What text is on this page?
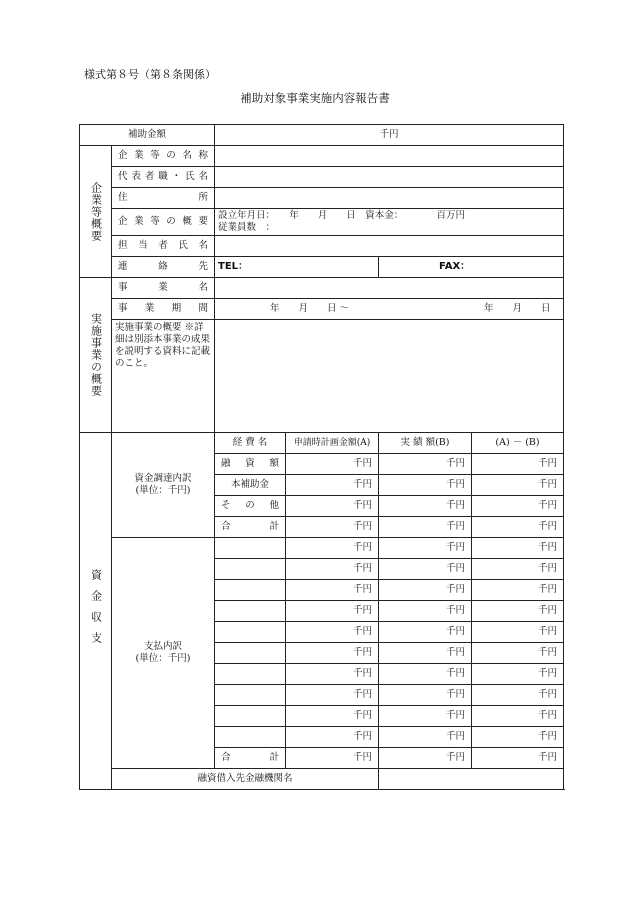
様式第８号（第８条関係）
補助対象事業実施内容報告書
補助金額		千円			
企業等概要	企 業 等 の 名 称				
	代表者職・氏名				
	住　　　所				
	企 業 等 の 概 要	設立年月日：　　年　　月　　日　資本金：　　　　百万円
従業員数　：			

	担 当 者 氏 名				
	連　　絡　　先	TEL：		FAX：	
実施事業の概要	事　　業　　名				
	事　業　期　間	年　　月　　日 ～ 年　　月　　日			
	実施事業の概要 ※詳細は別添本事業の成果を説明する資料に記載のこと。				
資金収支	資金調達内訳
(単位：千円)	経 費 名	申請時計画金額(A)	実 績 額(B)	(A) － (B)
		融　資　額	千円	千円	千円
		本補助金	千円	千円	千円
		そ　の　他	千円	千円	千円
		合　　　計	千円	千円	千円
	支払内訳
(単位：千円)		千円	千円	千円
			千円	千円	千円
			千円	千円	千円
			千円	千円	千円
			千円	千円	千円
			千円	千円	千円
			千円	千円	千円
			千円	千円	千円
			千円	千円	千円
			千円	千円	千円
		合　　　計	千円	千円	千円
	融資借入先金融機関名				
